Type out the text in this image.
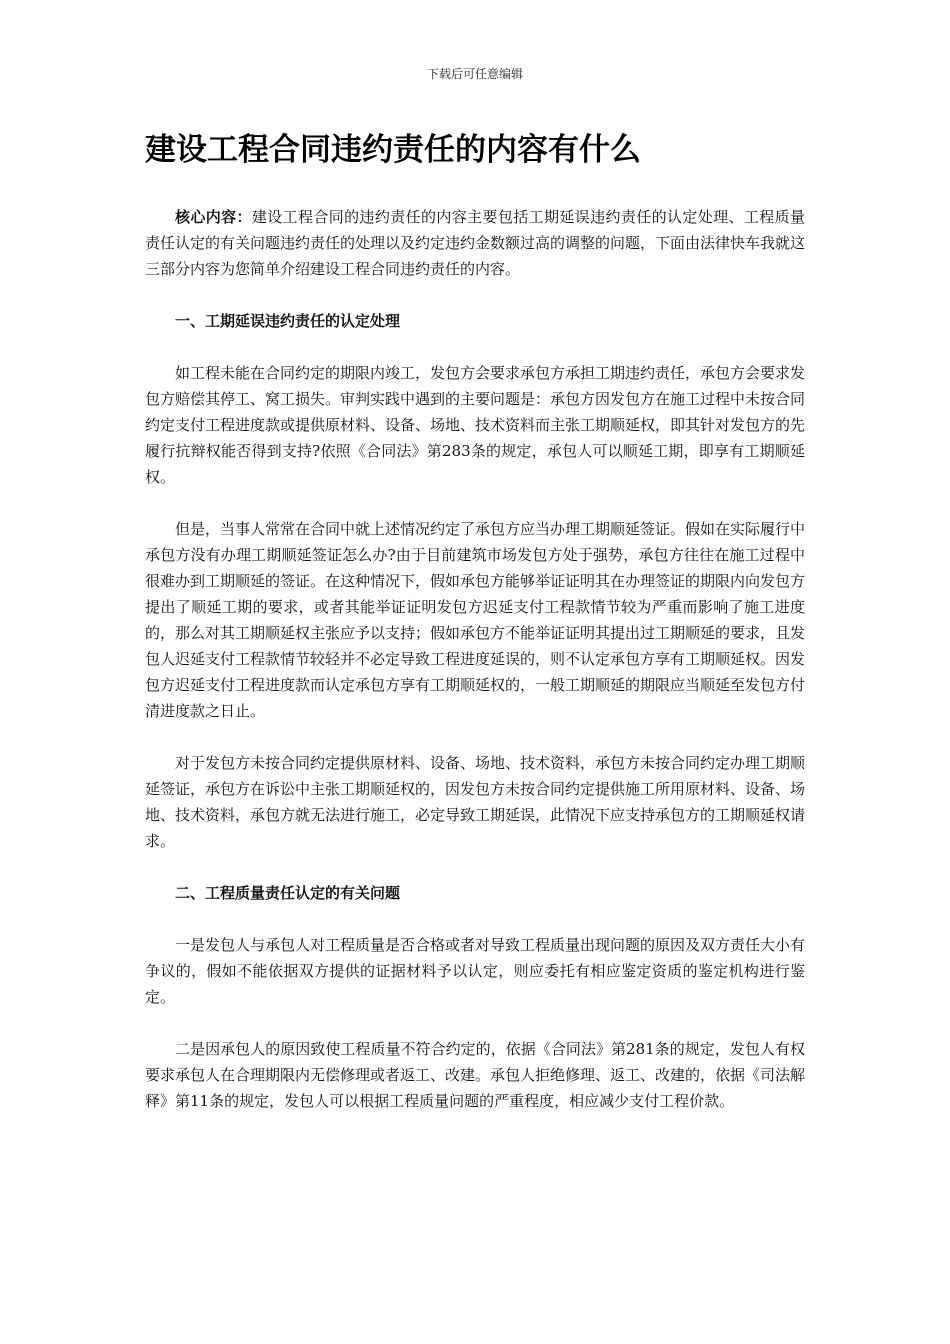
下载后可任意编辑
建设工程合同违约责任的内容有什么

核心内容：建设工程合同的违约责任的内容主要包括工期延误违约责任的认定处理、工程质量责任认定的有关问题违约责任的处理以及约定违约金数额过高的调整的问题，下面由法律快车我就这三部分内容为您简单介绍建设工程合同违约责任的内容。

一、工期延误违约责任的认定处理

如工程未能在合同约定的期限内竣工，发包方会要求承包方承担工期违约责任，承包方会要求发包方赔偿其停工、窝工损失。审判实践中遇到的主要问题是：承包方因发包方在施工过程中未按合同约定支付工程进度款或提供原材料、设备、场地、技术资料而主张工期顺延权，即其针对发包方的先履行抗辩权能否得到支持?依照《合同法》第283条的规定，承包人可以顺延工期，即享有工期顺延权。

但是，当事人常常在合同中就上述情况约定了承包方应当办理工期顺延签证。假如在实际履行中承包方没有办理工期顺延签证怎么办?由于目前建筑市场发包方处于强势，承包方往往在施工过程中很难办到工期顺延的签证。在这种情况下，假如承包方能够举证证明其在办理签证的期限内向发包方提出了顺延工期的要求，或者其能举证证明发包方迟延支付工程款情节较为严重而影响了施工进度的，那么对其工期顺延权主张应予以支持；假如承包方不能举证证明其提出过工期顺延的要求，且发包人迟延支付工程款情节较轻并不必定导致工程进度延误的，则不认定承包方享有工期顺延权。因发包方迟延支付工程进度款而认定承包方享有工期顺延权的，一般工期顺延的期限应当顺延至发包方付清进度款之日止。

对于发包方未按合同约定提供原材料、设备、场地、技术资料，承包方未按合同约定办理工期顺延签证，承包方在诉讼中主张工期顺延权的，因发包方未按合同约定提供施工所用原材料、设备、场地、技术资料，承包方就无法进行施工，必定导致工期延误，此情况下应支持承包方的工期顺延权请求。

二、工程质量责任认定的有关问题

一是发包人与承包人对工程质量是否合格或者对导致工程质量出现问题的原因及双方责任大小有争议的，假如不能依据双方提供的证据材料予以认定，则应委托有相应鉴定资质的鉴定机构进行鉴定。

二是因承包人的原因致使工程质量不符合约定的，依据《合同法》第281条的规定，发包人有权要求承包人在合理期限内无偿修理或者返工、改建。承包人拒绝修理、返工、改建的，依据《司法解释》第11条的规定，发包人可以根据工程质量问题的严重程度，相应减少支付工程价款。
